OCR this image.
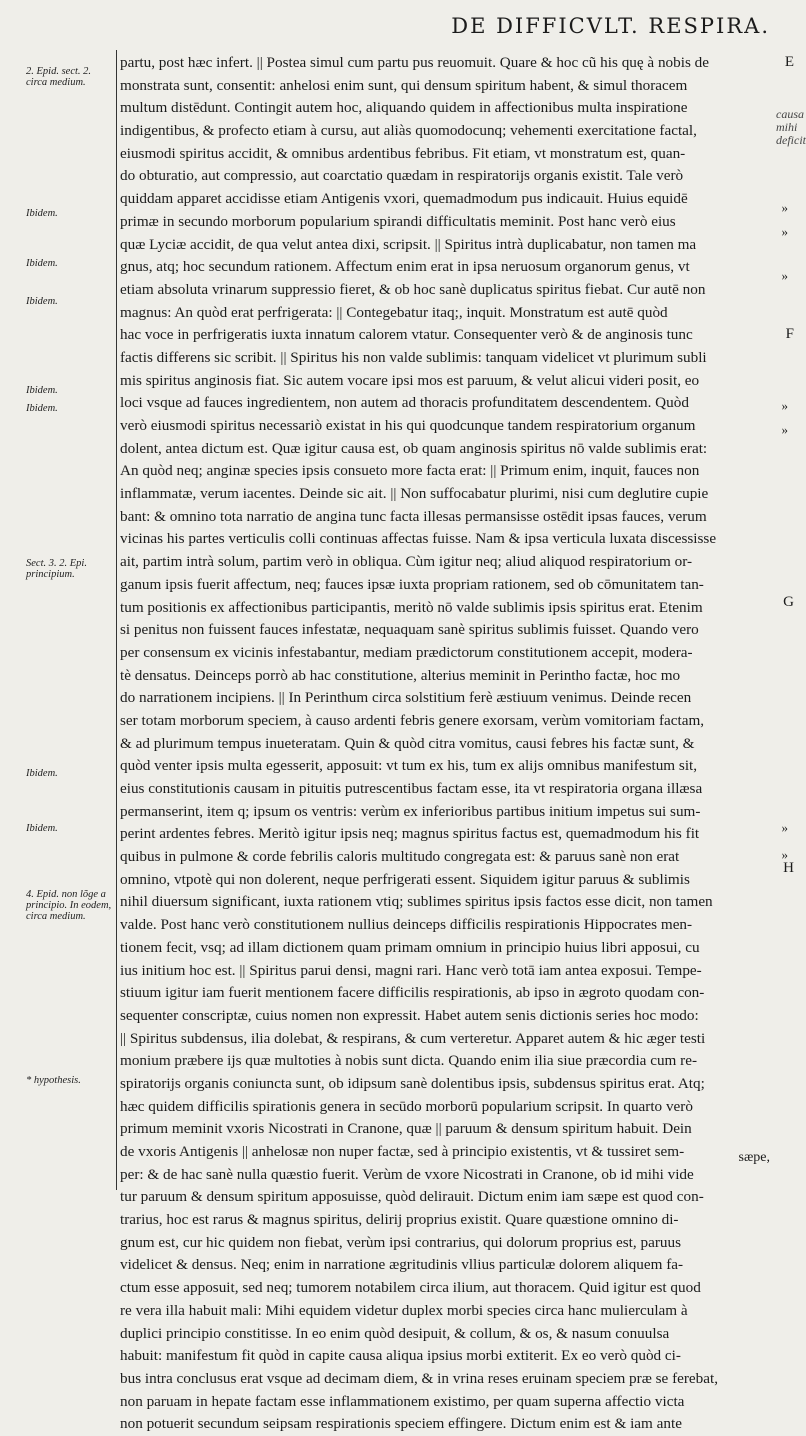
DE DIFFICVLT. RESPIRA.
2. Epid. sect. 2. circa medium.
Ibidem.
Ibidem.
Ibidem.
Ibidem.
Ibidem.
Sect. 3. 2. Epi. principium.
Ibidem.
Ibidem.
4. Epid. non lõge a principio. In eodem, circa medium.
* hypothesis.
partu, post hæc infert. || Postea simul cum partu pus reuomuit. Quare & hoc cũ his quę à nobis de
monstrata sunt, consentit: anhelosi enim sunt, qui densum spiritum habent, & simul thoracem
multum distēdunt. Contingit autem hoc, aliquando quidem in affectionibus multa inspiratione
indigentibus, & profecto etiam à cursu, aut aliàs quomodocunq; vehementi exercitatione factal,
eiusmodi spiritus accidit, & omnibus ardentibus febribus. Fit etiam, vt monstratum est, quan-
do obturatio, aut compressio, aut coarctatio quædam in respiratorijs organis existit. Tale verò
quiddam apparet accidisse etiam Antigenis vxori, quemadmodum pus indicauit. Huius equidē
primæ in secundo morborum popularium spirandi difficultatis meminit. Post hanc verò eius
quæ Lyciæ accidit, de qua velut antea dixi, scripsit. || Spiritus intrà duplicabatur, non tamen ma
gnus, atq; hoc secundum rationem. Affectum enim erat in ipsa neruosum organorum genus, vt
etiam absoluta vrinarum suppressio fieret, & ob hoc sanè duplicatus spiritus fiebat. Cur autē non
magnus: An quòd erat perfrigerata: || Contegebatur itaq;, inquit. Monstratum est autē quòd
hac voce in perfrigeratis iuxta innatum calorem vtatur. Consequenter verò & de anginosis tunc
factis differens sic scribit. || Spiritus his non valde sublimis: tanquam videlicet vt plurimum subli
mis spiritus anginosis fiat. Sic autem vocare ipsi mos est paruum, & velut alicui videri posit, eo
loci vsque ad fauces ingredientem, non autem ad thoracis profunditatem descendentem. Quòd
verò eiusmodi spiritus necessariò existat in his qui quodcunque tandem respiratorium organum
dolent, antea dictum est. Quæ igitur causa est, ob quam anginosis spiritus nō valde sublimis erat:
An quòd neq; anginæ species ipsis consueto more facta erat: || Primum enim, inquit, fauces non
inflammatæ, verum iacentes. Deinde sic ait. || Non suffocabatur plurimi, nisi cum deglutire cupie
bant: & omnino tota narratio de angina tunc facta illesas permansisse ostēdit ipsas fauces, verum
vicinas his partes verticulis colli continuas affectas fuisse. Nam & ipsa verticula luxata discessisse
ait, partim intrà solum, partim verò in obliqua. Cùm igitur neq; aliud aliquod respiratorium or-
ganum ipsis fuerit affectum, neq; fauces ipsæ iuxta propriam rationem, sed ob cōmunitatem tan-
tum positionis ex affectionibus participantis, meritò nō valde sublimis ipsis spiritus erat. Etenim
si penitus non fuissent fauces infestatæ, nequaquam sanè spiritus sublimis fuisset. Quando vero
per consensum ex vicinis infestabantur, mediam prædictorum constitutionem accepit, modera-
tè densatus. Deinceps porrò ab hac constitutione, alterius meminit in Perintho factæ, hoc mo
do narrationem incipiens. || In Perinthum circa solstitium ferè æstiuum venimus. Deinde recen
ser totam morborum speciem, à causo ardenti febris genere exorsam, verùm vomitoriam factam,
& ad plurimum tempus inueteratam. Quin & quòd citra vomitus, causi febres his factæ sunt, &
quòd venter ipsis multa egesserit, apposuit: vt tum ex his, tum ex alijs omnibus manifestum sit,
eius constitutionis causam in pituitis putrescentibus factam esse, ita vt respiratoria organa illæsa
permanserint, item q; ipsum os ventris: verùm ex inferioribus partibus initium impetus sui sum-
perint ardentes febres. Meritò igitur ipsis neq; magnus spiritus factus est, quemadmodum his fit
quibus in pulmone & corde febrilis caloris multitudo congregata est: & paruus sanè non erat
omnino, vtpotè qui non dolerent, neque perfrigerati essent. Siquidem igitur paruus & sublimis
nihil diuersum significant, iuxta rationem vtiq; sublimes spiritus ipsis factos esse dicit, non tamen
valde. Post hanc verò constitutionem nullius deinceps difficilis respirationis Hippocrates men-
tionem fecit, vsq; ad illam dictionem quam primam omnium in principio huius libri apposui, cu
ius initium hoc est. || Spiritus parui densi, magni rari. Hanc verò totā iam antea exposui. Tempe-
stiuum igitur iam fuerit mentionem facere difficilis respirationis, ab ipso in ægroto quodam con-
sequenter conscriptæ, cuius nomen non expressit. Habet autem senis dictionis series hoc modo:
|| Spiritus subdensus, ilia dolebat, & respirans, & cum verteretur. Apparet autem & hic æger testi
monium præbere ijs quæ multoties à nobis sunt dicta. Quando enim ilia siue præcordia cum re-
spiratorijs organis coniuncta sunt, ob idipsum sanè dolentibus ipsis, subdensus spiritus erat. Atq;
hæc quidem difficilis spirationis genera in secūdo morborū popularium scripsit. In quarto verò
primum meminit vxoris Nicostrati in Cranone, quæ || paruum & densum spiritum habuit. Dein
de vxoris Antigenis || anhelosæ non nuper factæ, sed à principio existentis, vt & tussiret sem-
per: & de hac sanè nulla quæstio fuerit. Verùm de vxore Nicostrati in Cranone, ob id mihi vide
tur paruum & densum spiritum apposuisse, quòd delirauit. Dictum enim iam sæpe est quod con-
trarius, hoc est rarus & magnus spiritus, delirij proprius existit. Quare quæstione omnino di-
gnum est, cur hic quidem non fiebat, verùm ipsi contrarius, qui dolorum proprius est, paruus
videlicet & densus. Neq; enim in narratione ægritudinis vllius particulæ dolorem aliquem fa-
ctum esse apposuit, sed neq; tumorem notabilem circa ilium, aut thoracem. Quid igitur est quod
re vera illa habuit mali: Mihi equidem videtur duplex morbi species circa hanc mulierculam à
duplici principio constitisse. In eo enim quòd desipuit, & collum, & os, & nasum conuulsa
habuit: manifestum fit quòd in capite causa aliqua ipsius morbi extiterit. Ex eo verò quòd ci-
bus intra conclusus erat vsque ad decimam diem, & in vrina reses eruinam speciem præ se ferebat,
non paruam in hepate factam esse inflammationem existimo, per quam superna affectio victa
non potuerit secundum seipsam respirationis speciem effingere. Dictum enim est & iam ante
E
F
G
H
»
»
»
»
»
»
»
causa mihi deficit
sæpe,
